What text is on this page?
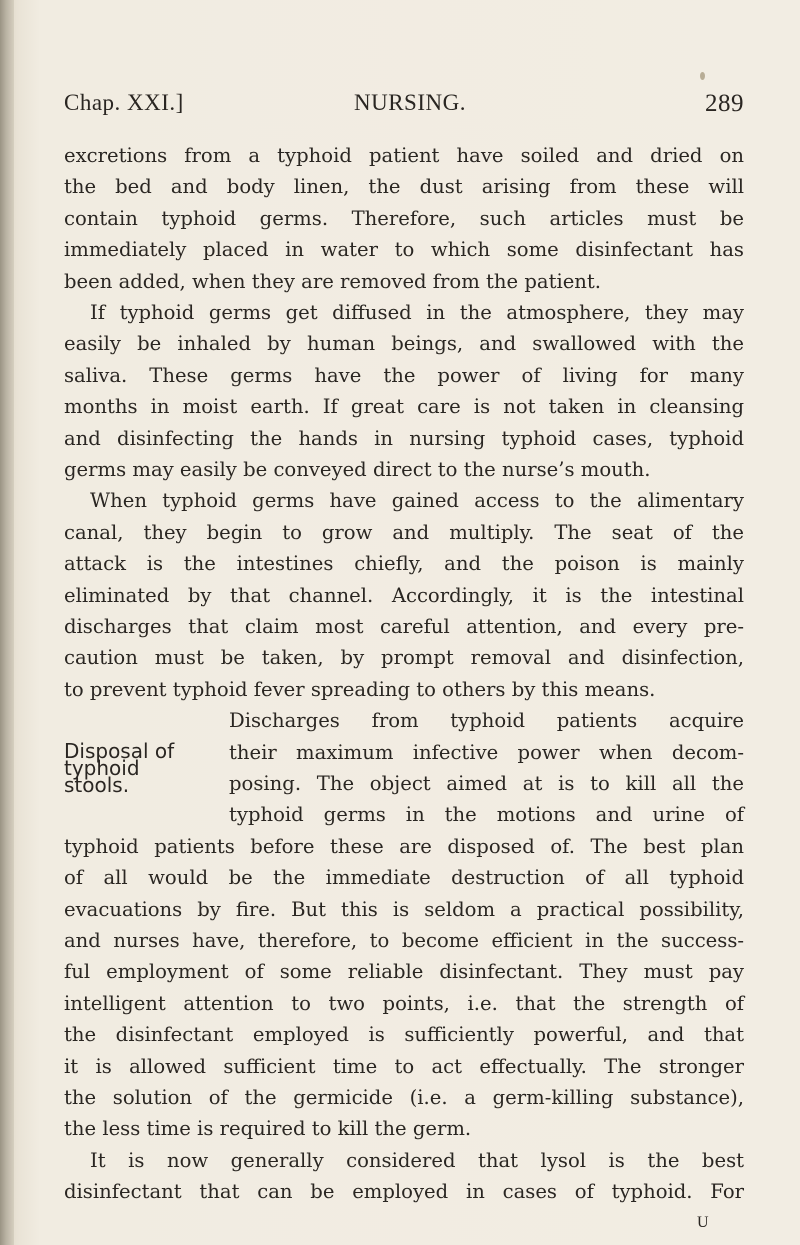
Chap. XXI.]	NURSING.	289
excretions from a typhoid patient have soiled and dried on
the bed and body linen, the dust arising from these will
contain typhoid germs. Therefore, such articles must be
immediately placed in water to which some disinfectant has
been added, when they are removed from the patient.
If typhoid germs get diffused in the atmosphere, they may
easily be inhaled by human beings, and swallowed with the
saliva. These germs have the power of living for many
months in moist earth. If great care is not taken in cleansing
and disinfecting the hands in nursing typhoid cases, typhoid
germs may easily be conveyed direct to the nurse’s mouth.
When typhoid germs have gained access to the alimentary
canal, they begin to grow and multiply. The seat of the
attack is the intestines chiefly, and the poison is mainly
eliminated by that channel. Accordingly, it is the intestinal
discharges that claim most careful attention, and every pre-
caution must be taken, by prompt removal and disinfection,
to prevent typhoid fever spreading to others by this means.
Discharges from typhoid patients acquire
their maximum infective power when decom-
posing. The object aimed at is to kill all the
typhoid germs in the motions and urine of
Disposal of
typhoid
stools.
typhoid patients before these are disposed of. The best plan
of all would be the immediate destruction of all typhoid
evacuations by fire. But this is seldom a practical possibility,
and nurses have, therefore, to become efficient in the success-
ful employment of some reliable disinfectant. They must pay
intelligent attention to two points, i.e. that the strength of
the disinfectant employed is sufficiently powerful, and that
it is allowed sufficient time to act effectually. The stronger
the solution of the germicide (i.e. a germ-killing substance),
the less time is required to kill the germ.
It is now generally considered that lysol is the best
disinfectant that can be employed in cases of typhoid. For
U
